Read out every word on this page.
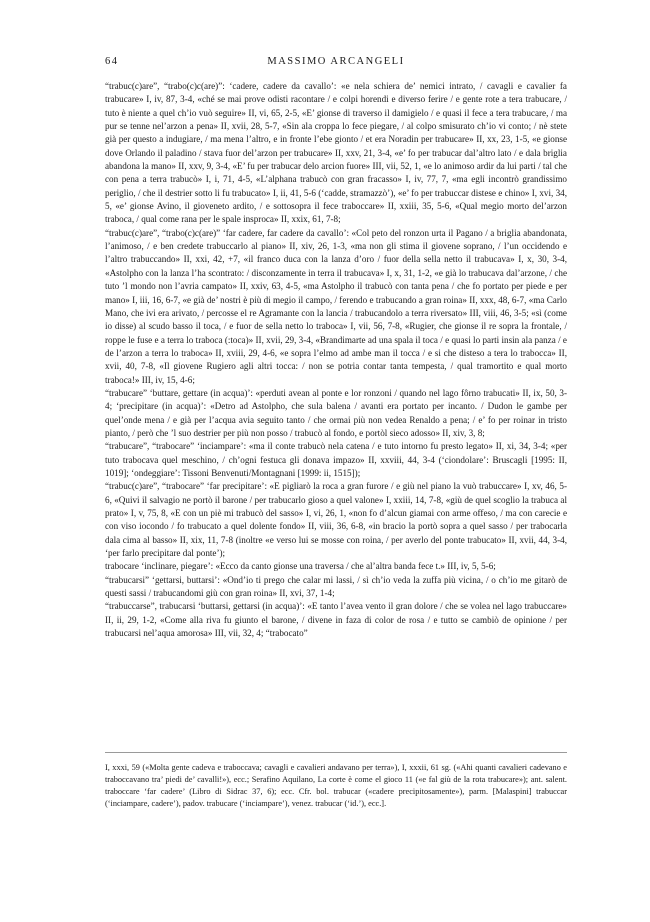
64	MASSIMO ARCANGELI

“trabuc(c)are”, “trabo(c)c(are)”: ‘cadere, cadere da cavallo’: «e nela schiera de’ nemici intrato, / cavagli e cavalier fa trabucare» I, iv, 87, 3-4, «ché se mai prove odisti racontare / e colpi horendi e diverso ferire / e gente rote a tera trabucare, / tuto è niente a quel ch’io vuò seguire» II, vi, 65, 2-5, «E’ gionse di traverso il damigielo / e quasi il fece a tera trabucare, / ma pur se tenne nel’arzon a pena» II, xvii, 28, 5-7, «Sin ala croppa lo fece piegare, / al colpo smisurato ch’io vi conto; / nè stete già per questo a indugiare, / ma mena l’altro, e in fronte l’ebe gionto / et era Noradin per trabucare» II, xx, 23, 1-5, «e gionse dove Orlando il paladino / stava fuor del’arzon per trabucare» II, xxv, 21, 3-4, «e’ fo per trabucar dal’altro lato / e dala briglia abandona la mano» II, xxv, 9, 3-4, «E’ fu per trabucar delo arcion fuore» III, vii, 52, 1, «e lo animoso ardir da lui parti / tal che con pena a terra trabucò» I, i, 71, 4-5, «L’alphana trabucò con gran fracasso» I, iv, 77, 7, «ma egli incontrò grandissimo periglio, / che il destrier sotto li fu trabucato» I, ii, 41, 5-6 (‘cadde, stramazzò’), «e’ fo per trabuccar distese e chino» I, xvi, 34, 5, «e’ gionse Avino, il gioveneto ardito, / e sottosopra il fece traboccare» II, xxiii, 35, 5-6, «Qual megio morto del’arzon traboca, / qual come rana per le spale insproca» II, xxix, 61, 7-8;

“trabuc(c)are”, “trabo(c)c(are)” ‘far cadere, far cadere da cavallo’: «Col peto del ronzon urta il Pagano / a briglia abandonata, l’animoso, / e ben credete trabuccarlo al piano» II, xiv, 26, 1-3, «ma non gli stima il giovene soprano, / l’un occidendo e l’altro trabuccando» II, xxi, 42, +7, «il franco duca con la lanza d’oro / fuor della sella netto il trabucava» I, x, 30, 3-4, «Astolpho con la lanza l’ha scontrato: / disconzamente in terra il trabucava» I, x, 31, 1-2, «e già lo trabucava dal’arzone, / che tuto ’l mondo non l’avria campato» II, xxiv, 63, 4-5, «ma Astolpho il trabucò con tanta pena / che fo portato per piede e per mano» I, iii, 16, 6-7, «e già de’ nostri è più di megio il campo, / ferendo e trabucando a gran roina» II, xxx, 48, 6-7, «ma Carlo Mano, che ivi era arivato, / percosse el re Agramante con la lancia / trabucandolo a terra riversato» III, viii, 46, 3-5; «sì (come io disse) al scudo basso il toca, / e fuor de sella netto lo traboca» I, vii, 56, 7-8, «Rugier, che gionse il re sopra la frontale, / roppe le fuse e a terra lo traboca (:toca)» II, xvii, 29, 3-4, «Brandimarte ad una spala il toca / e quasi lo parti insin ala panza / e de l’arzon a terra lo traboca» II, xviii, 29, 4-6, «e sopra l’elmo ad ambe man il tocca / e si che disteso a tera lo trabocca» II, xvii, 40, 7-8, «Il giovene Rugiero agli altri tocca: / non se potria contar tanta tempesta, / qual tramortito e qual morto traboca!» III, iv, 15, 4-6;

“trabucare” ‘buttare, gettare (in acqua)’: «perduti avean al ponte e lor ronzoni / quando nel lago fôrno trabucati» II, ix, 50, 3-4; ‘precipitare (in acqua)’: «Detro ad Astolpho, che sula balena / avanti era portato per incanto. / Dudon le gambe per quel’onde mena / e già per l’acqua avia seguito tanto / che ormai più non vedea Renaldo a pena; / e’ fo per roinar in tristo pianto, / però che ’l suo destrier per più non posso / trabucò al fondo, e portòl sieco adosso» II, xiv, 3, 8;

“trabucare”, “trabocare” ‘inciampare’: «ma il conte trabucò nela catena / e tuto intorno fu presto legato» II, xi, 34, 3-4; «per tuto trabocava quel meschino, / ch’ogni festuca gli donava impazo» II, xxviii, 44, 3-4 (‘ciondolare’: Bruscagli [1995: II, 1019]; ‘ondeggiare’: Tissoni Benvenuti/Montagnani [1999: ii, 1515]);

“trabuc(c)are”, “trabocare” ‘far precipitare’: «E pigliarò la roca a gran furore / e giù nel piano la vuò trabuccare» I, xv, 46, 5-6, «Quivi il salvagio ne portò il barone / per trabucarlo gioso a quel valone» I, xxiii, 14, 7-8, «giù de quel scoglio la trabuca al prato» I, v, 75, 8, «E con un piè mi trabucò del sasso» I, vi, 26, 1, «non fo d’alcun giamai con arme offeso, / ma con carecie e con viso iocondo / fo trabucato a quel dolente fondo» II, viii, 36, 6-8, «in bracio la portò sopra a quel sasso / per trabocarla dala cima al basso» II, xix, 11, 7-8 (inoltre «e verso lui se mosse con roina, / per averlo del ponte trabucato» II, xvii, 44, 3-4, ‘per farlo precipitare dal ponte’);

trabocare ‘inclinare, piegare’: «Ecco da canto gionse una traversa / che al’altra banda fece t.» III, iv, 5, 5-6;

“trabucarsi” ‘gettarsi, buttarsi’: «Ond’io ti prego che calar mi lassi, / sì ch’io veda la zuffa più vicina, / o ch’io me gitarò de questi sassi / trabucandomi giù con gran roina» II, xvi, 37, 1-4;

“trabuccarse”, trabucarsi ‘buttarsi, gettarsi (in acqua)’: «E tanto l’avea vento il gran dolore / che se volea nel lago trabuccare» II, ii, 29, 1-2, «Come alla riva fu giunto el barone, / divene in faza di color de rosa / e tutto se cambiò de opinione / per trabucarsi nel’aqua amorosa» III, vii, 32, 4; “trabocato”

I, xxxi, 59 («Molta gente cadeva e traboccava; cavagli e cavalieri andavano per terra»), I, xxxii, 61 sg. («Ahi quanti cavalieri cadevano e traboccavano tra’ piedi de’ cavalli!»), ecc.; Serafino Aquilano, La corte è come el gioco 11 («e fal giù de la rota trabucare»); ant. salent. traboccare ‘far cadere’ (Libro di Sidrac 37, 6); ecc. Cfr. bol. trabucar («cadere precipitosamente»), parm. [Malaspini] trabuccar (‘inciampare, cadere’), padov. trabucare (‘inciampare’), venez. trabucar (‘id.’), ecc.].
